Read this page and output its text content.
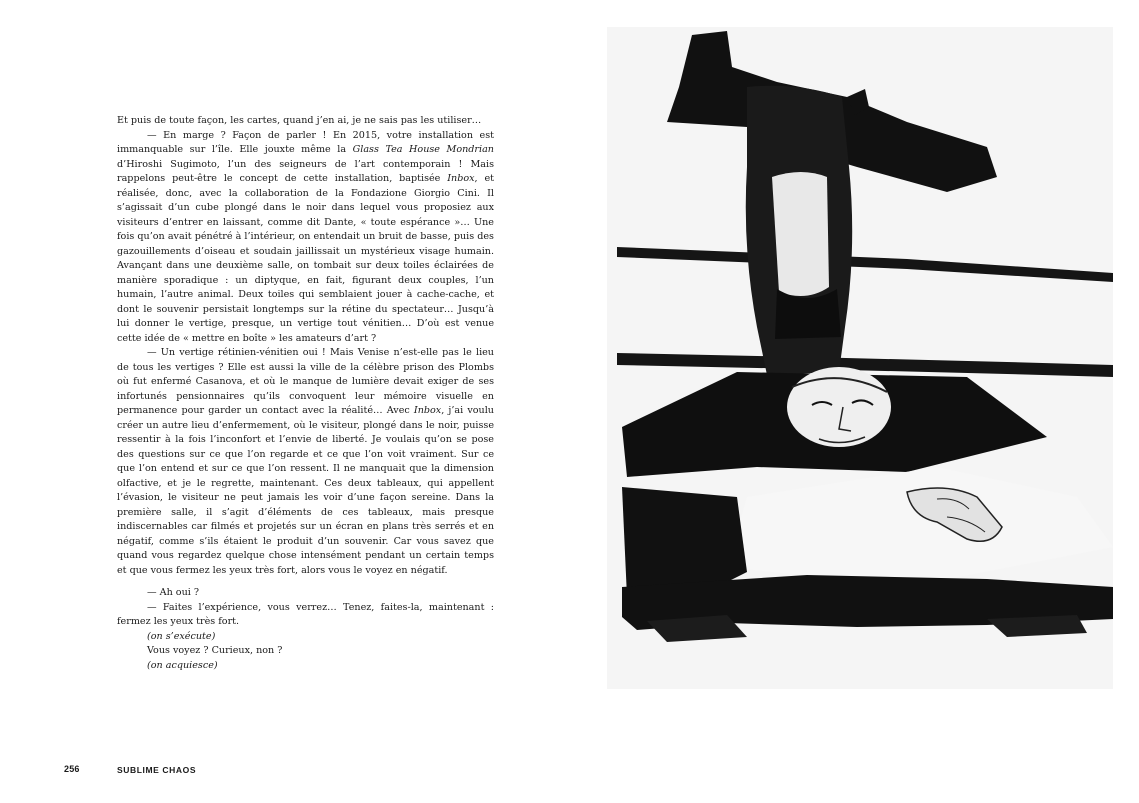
Et puis de toute façon, les cartes, quand j’en ai, je ne sais pas les utiliser…

— En marge ? Façon de parler ! En 2015, votre installation est immanquable sur l’île. Elle jouxte même la Glass Tea House Mondrian d’Hiroshi Sugimoto, l’un des seigneurs de l’art contemporain ! Mais rappelons peut-être le concept de cette installation, baptisée Inbox, et réalisée, donc, avec la collaboration de la Fondazione Giorgio Cini. Il s’agissait d’un cube plongé dans le noir dans lequel vous proposiez aux visiteurs d’entrer en laissant, comme dit Dante, « toute espérance »… Une fois qu’on avait pénétré à l’intérieur, on entendait un bruit de basse, puis des gazouillements d’oiseau et soudain jaillissait un mystérieux visage humain. Avançant dans une deuxième salle, on tombait sur deux toiles éclairées de manière sporadique : un diptyque, en fait, figurant deux couples, l’un humain, l’autre animal. Deux toiles qui semblaient jouer à cache-cache, et dont le souvenir persistait longtemps sur la rétine du spectateur… Jusqu’à lui donner le vertige, presque, un vertige tout vénitien… D’où est venue cette idée de « mettre en boîte » les amateurs d’art ?

— Un vertige rétinien-vénitien oui ! Mais Venise n’est-elle pas le lieu de tous les vertiges ? Elle est aussi la ville de la célèbre prison des Plombs où fut enfermé Casanova, et où le manque de lumière devait exiger de ses infortunés pensionnaires qu’ils convoquent leur mémoire visuelle en permanence pour garder un contact avec la réalité… Avec Inbox, j’ai voulu créer un autre lieu d’enfermement, où le visiteur, plongé dans le noir, puisse ressentir à la fois l’inconfort et l’envie de liberté. Je voulais qu’on se pose des questions sur ce que l’on regarde et ce que l’on voit vraiment. Sur ce que l’on entend et sur ce que l’on ressent. Il ne manquait que la dimension olfactive, et je le regrette, maintenant. Ces deux tableaux, qui appellent l’évasion, le visiteur ne peut jamais les voir d’une façon sereine. Dans la première salle, il s’agit d’éléments de ces tableaux, mais presque indiscernables car filmés et projetés sur un écran en plans très serrés et en négatif, comme s’ils étaient le produit d’un souvenir. Car vous savez que quand vous regardez quelque chose intensément pendant un certain temps et que vous fermez les yeux très fort, alors vous le voyez en négatif.

— Ah oui ?

— Faites l’expérience, vous verrez… Tenez, faites-la, maintenant : fermez les yeux très fort.

(on s’exécute)

Vous voyez ? Curieux, non ?

(on acquiesce)

256	SUBLIME CHAOS
